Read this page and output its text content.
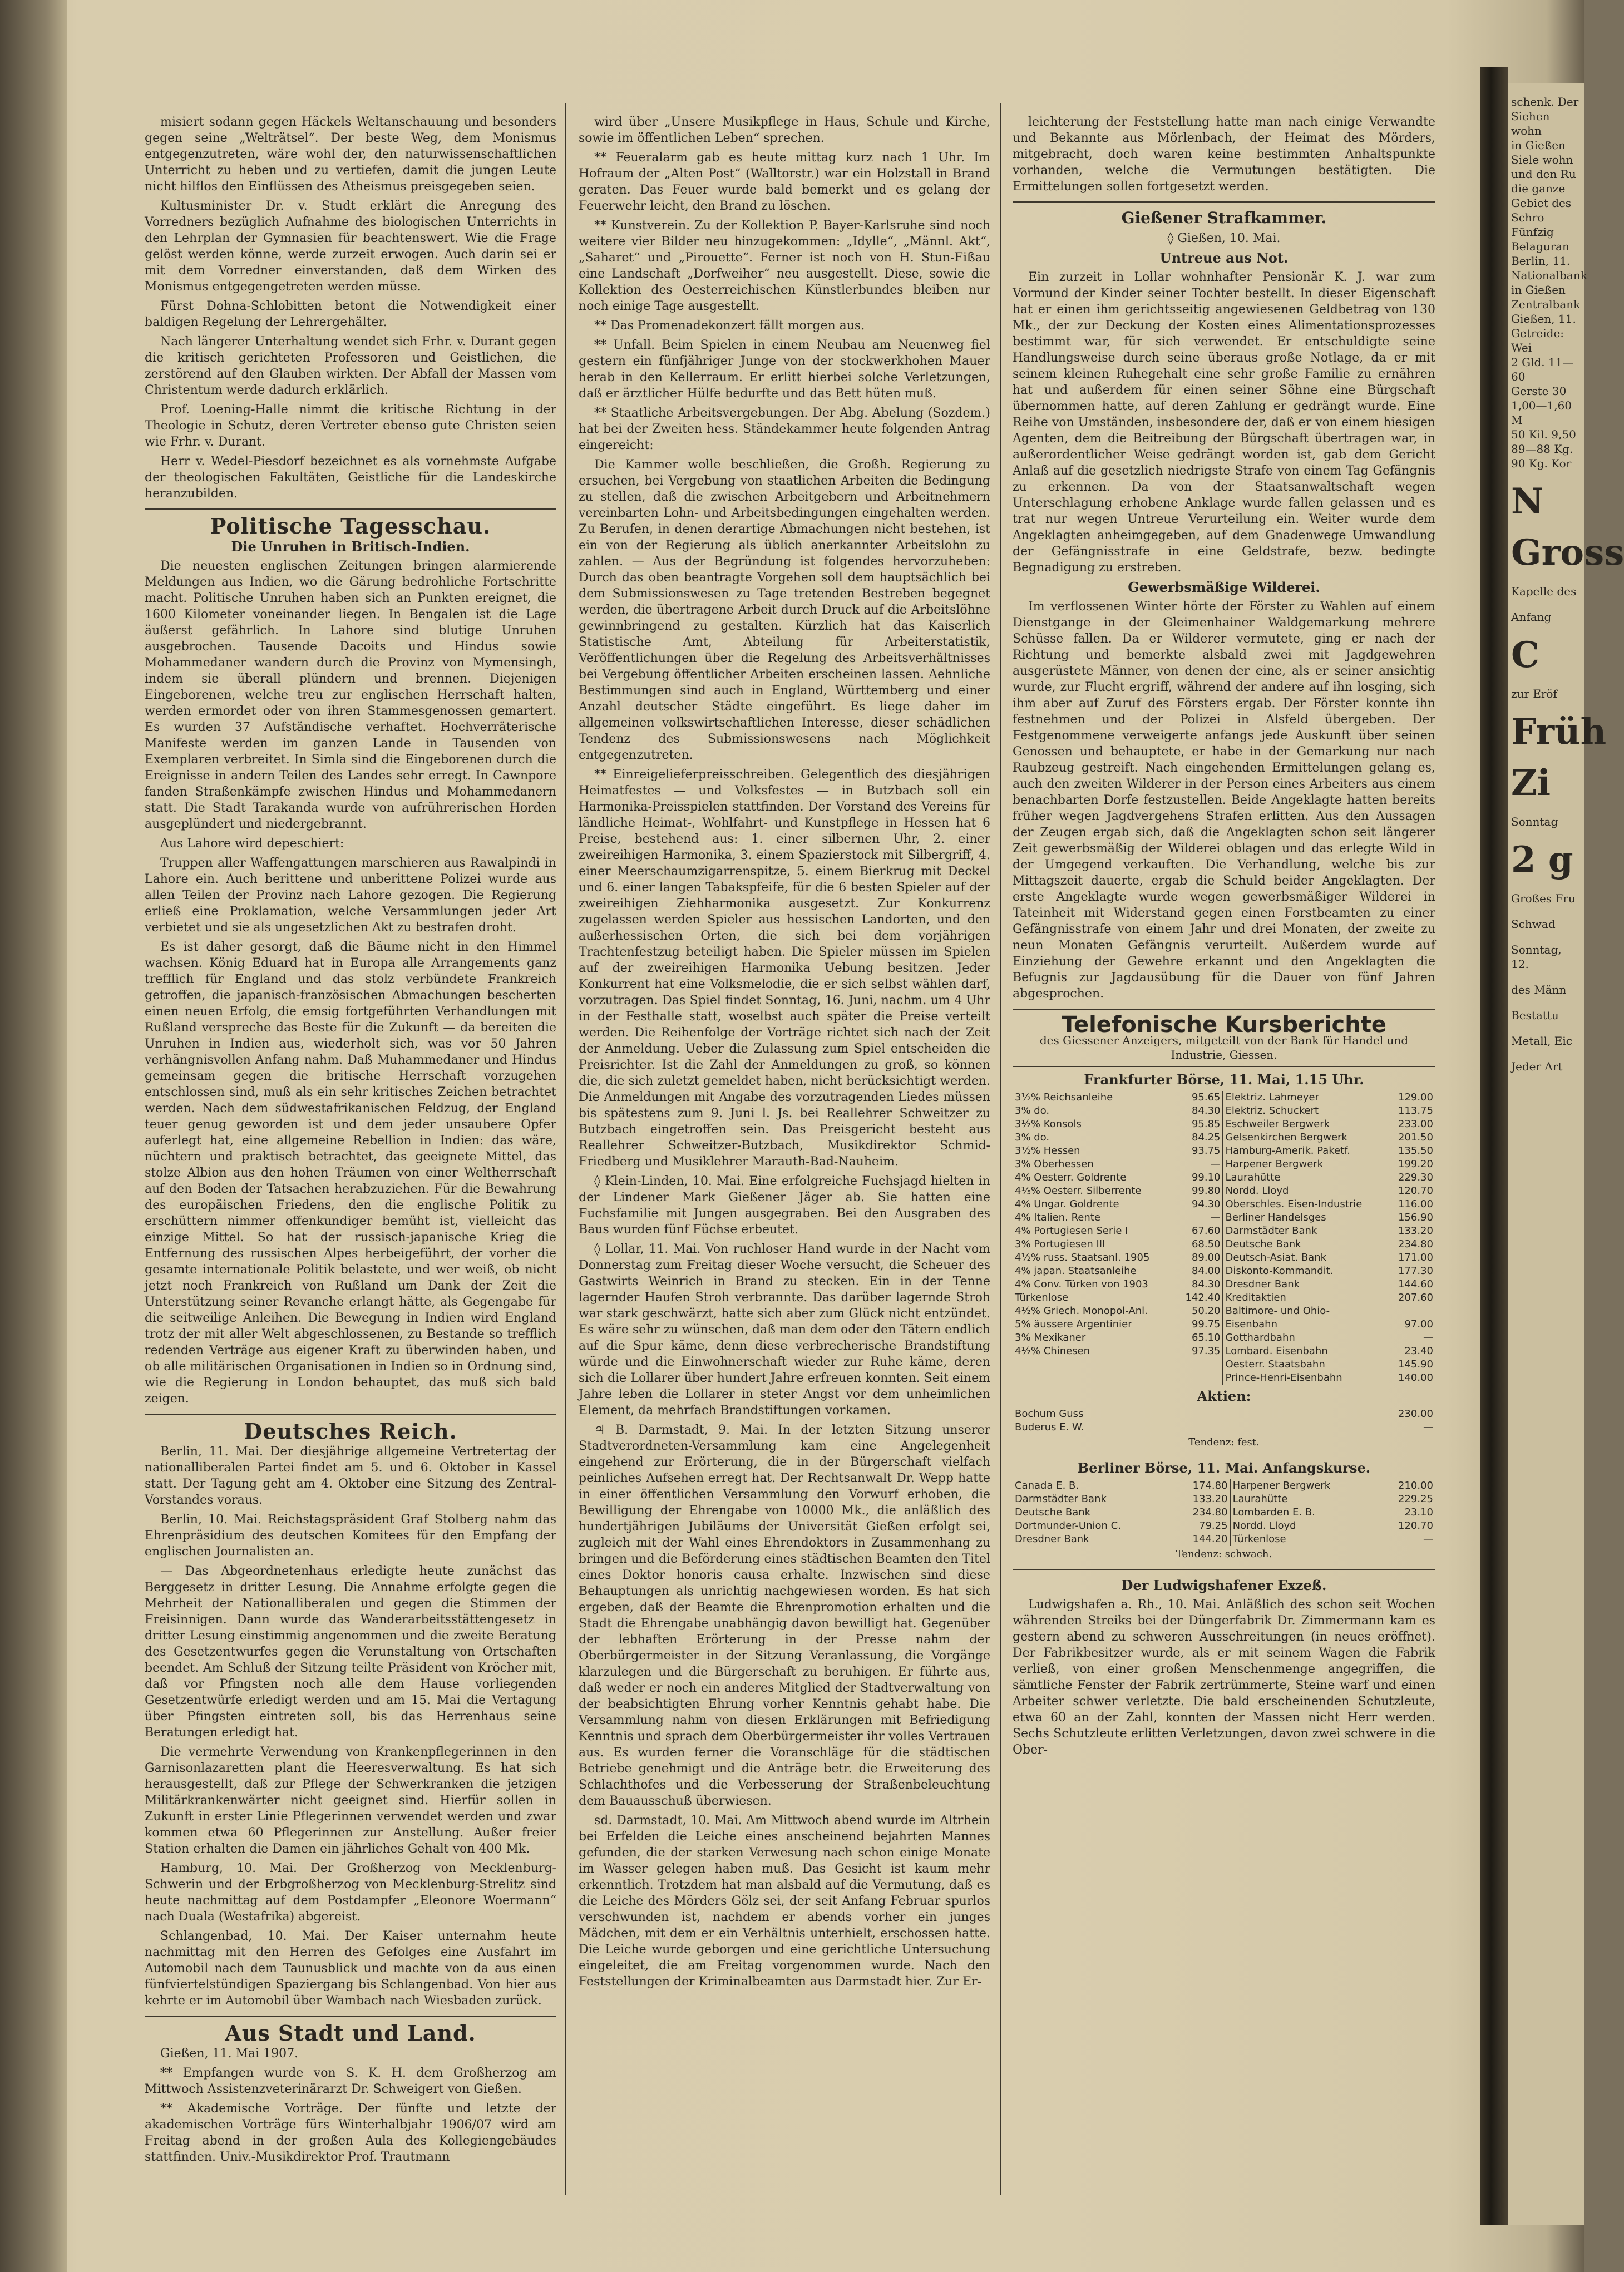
misiert sodann gegen Häckels Weltanschauung und besonders gegen seine „Welträtsel“. Der beste Weg, dem Monismus entgegenzutreten, wäre wohl der, den naturwissenschaftlichen Unterricht zu heben und zu vertiefen, damit die jungen Leute nicht hilflos den Einflüssen des Atheismus preisgegeben seien.

Kultusminister Dr. v. Studt erklärt die Anregung des Vorredners bezüglich Aufnahme des biologischen Unterrichts in den Lehrplan der Gymnasien für beachtenswert. Wie die Frage gelöst werden könne, werde zurzeit erwogen. Auch darin sei er mit dem Vorredner einverstanden, daß dem Wirken des Monismus entgegengetreten werden müsse.

Fürst Dohna-Schlobitten betont die Notwendigkeit einer baldigen Regelung der Lehrergehälter.

Nach längerer Unterhaltung wendet sich Frhr. v. Durant gegen die kritisch gerichteten Professoren und Geistlichen, die zerstörend auf den Glauben wirkten. Der Abfall der Massen vom Christentum werde dadurch erklärlich.

Prof. Loening-Halle nimmt die kritische Richtung in der Theologie in Schutz, deren Vertreter ebenso gute Christen seien wie Frhr. v. Durant.

Herr v. Wedel-Piesdorf bezeichnet es als vornehmste Aufgabe der theologischen Fakultäten, Geistliche für die Landeskirche heranzubilden.

Politische Tagesschau.
Die Unruhen in Britisch-Indien.

Die neuesten englischen Zeitungen bringen alarmierende Meldungen aus Indien, wo die Gärung bedrohliche Fortschritte macht. Politische Unruhen haben sich an Punkten ereignet, die 1600 Kilometer voneinander liegen. In Bengalen ist die Lage äußerst gefährlich. In Lahore sind blutige Unruhen ausgebrochen. Tausende Dacoits und Hindus sowie Mohammedaner wandern durch die Provinz von Mymensingh, indem sie überall plündern und brennen. Diejenigen Eingeborenen, welche treu zur englischen Herrschaft halten, werden ermordet oder von ihren Stammesgenossen gemartert. Es wurden 37 Aufständische verhaftet. Hochverräterische Manifeste werden im ganzen Lande in Tausenden von Exemplaren verbreitet. In Simla sind die Eingeborenen durch die Ereignisse in andern Teilen des Landes sehr erregt. In Cawnpore fanden Straßenkämpfe zwischen Hindus und Mohammedanern statt. Die Stadt Tarakanda wurde von aufrührerischen Horden ausgeplündert und niedergebrannt.

Aus Lahore wird depeschiert:

Truppen aller Waffengattungen marschieren aus Rawalpindi in Lahore ein. Auch berittene und unberittene Polizei wurde aus allen Teilen der Provinz nach Lahore gezogen. Die Regierung erließ eine Proklamation, welche Versammlungen jeder Art verbietet und sie als ungesetzlichen Akt zu bestrafen droht.

Es ist daher gesorgt, daß die Bäume nicht in den Himmel wachsen. König Eduard hat in Europa alle Arrangements ganz trefflich für England und das stolz verbündete Frankreich getroffen, die japanisch-französischen Abmachungen bescherten einen neuen Erfolg, die emsig fortgeführten Verhandlungen mit Rußland verspreche das Beste für die Zukunft — da bereiten die Unruhen in Indien aus, wiederholt sich, was vor 50 Jahren verhängnisvollen Anfang nahm. Daß Muhammedaner und Hindus gemeinsam gegen die britische Herrschaft vorzugehen entschlossen sind, muß als ein sehr kritisches Zeichen betrachtet werden. Nach dem südwestafrikanischen Feldzug, der England teuer genug geworden ist und dem jeder unsaubere Opfer auferlegt hat, eine allgemeine Rebellion in Indien: das wäre, nüchtern und praktisch betrachtet, das geeignete Mittel, das stolze Albion aus den hohen Träumen von einer Weltherrschaft auf den Boden der Tatsachen herabzuziehen. Für die Bewahrung des europäischen Friedens, den die englische Politik zu erschüttern nimmer offenkundiger bemüht ist, vielleicht das einzige Mittel. So hat der russisch-japanische Krieg die Entfernung des russischen Alpes herbeigeführt, der vorher die gesamte internationale Politik belastete, und wer weiß, ob nicht jetzt noch Frankreich von Rußland um Dank der Zeit die Unterstützung seiner Revanche erlangt hätte, als Gegengabe für die seitweilige Anleihen. Die Bewegung in Indien wird England trotz der mit aller Welt abgeschlossenen, zu Bestande so trefflich redenden Verträge aus eigener Kraft zu überwinden haben, und ob alle militärischen Organisationen in Indien so in Ordnung sind, wie die Regierung in London behauptet, das muß sich bald zeigen.

Deutsches Reich.

Berlin, 11. Mai. Der diesjährige allgemeine Vertretertag der nationalliberalen Partei findet am 5. und 6. Oktober in Kassel statt. Der Tagung geht am 4. Oktober eine Sitzung des Zentral-Vorstandes voraus.

Berlin, 10. Mai. Reichstagspräsident Graf Stolberg nahm das Ehrenpräsidium des deutschen Komitees für den Empfang der englischen Journalisten an.

— Das Abgeordnetenhaus erledigte heute zunächst das Berggesetz in dritter Lesung. Die Annahme erfolgte gegen die Mehrheit der Nationalliberalen und gegen die Stimmen der Freisinnigen. Dann wurde das Wanderarbeitsstättengesetz in dritter Lesung einstimmig angenommen und die zweite Beratung des Gesetzentwurfes gegen die Verunstaltung von Ortschaften beendet. Am Schluß der Sitzung teilte Präsident von Kröcher mit, daß vor Pfingsten noch alle dem Hause vorliegenden Gesetzentwürfe erledigt werden und am 15. Mai die Vertagung über Pfingsten eintreten soll, bis das Herrenhaus seine Beratungen erledigt hat.

Die vermehrte Verwendung von Krankenpflegerinnen in den Garnisonlazaretten plant die Heeresverwaltung. Es hat sich herausgestellt, daß zur Pflege der Schwerkranken die jetzigen Militärkrankenwärter nicht geeignet sind. Hierfür sollen in Zukunft in erster Linie Pflegerinnen verwendet werden und zwar kommen etwa 60 Pflegerinnen zur Anstellung. Außer freier Station erhalten die Damen ein jährliches Gehalt von 400 Mk.

Hamburg, 10. Mai. Der Großherzog von Mecklenburg-Schwerin und der Erbgroßherzog von Mecklenburg-Strelitz sind heute nachmittag auf dem Postdampfer „Eleonore Woermann“ nach Duala (Westafrika) abgereist.

Schlangenbad, 10. Mai. Der Kaiser unternahm heute nachmittag mit den Herren des Gefolges eine Ausfahrt im Automobil nach dem Taunusblick und machte von da aus einen fünfviertelstündigen Spaziergang bis Schlangenbad. Von hier aus kehrte er im Automobil über Wambach nach Wiesbaden zurück.

Aus Stadt und Land.

Gießen, 11. Mai 1907.

** Empfangen wurde von S. K. H. dem Großherzog am Mittwoch Assistenzveterinärarzt Dr. Schweigert von Gießen.

** Akademische Vorträge. Der fünfte und letzte der akademischen Vorträge fürs Winterhalbjahr 1906/07 wird am Freitag abend in der großen Aula des Kollegiengebäudes stattfinden. Univ.-Musikdirektor Prof. Trautmann

wird über „Unsere Musikpflege in Haus, Schule und Kirche, sowie im öffentlichen Leben“ sprechen.

** Feueralarm gab es heute mittag kurz nach 1 Uhr. Im Hofraum der „Alten Post“ (Walltorstr.) war ein Holzstall in Brand geraten. Das Feuer wurde bald bemerkt und es gelang der Feuerwehr leicht, den Brand zu löschen.

** Kunstverein. Zu der Kollektion P. Bayer-Karlsruhe sind noch weitere vier Bilder neu hinzugekommen: „Idylle“, „Männl. Akt“, „Saharet“ und „Pirouette“. Ferner ist noch von H. Stun-Fißau eine Landschaft „Dorfweiher“ neu ausgestellt. Diese, sowie die Kollektion des Oesterreichischen Künstlerbundes bleiben nur noch einige Tage ausgestellt.

** Das Promenadekonzert fällt morgen aus.

** Unfall. Beim Spielen in einem Neubau am Neuenweg fiel gestern ein fünfjähriger Junge von der stockwerkhohen Mauer herab in den Kellerraum. Er erlitt hierbei solche Verletzungen, daß er ärztlicher Hülfe bedurfte und das Bett hüten muß.

** Staatliche Arbeitsvergebungen. Der Abg. Abelung (Sozdem.) hat bei der Zweiten hess. Ständekammer heute folgenden Antrag eingereicht:

Die Kammer wolle beschließen, die Großh. Regierung zu ersuchen, bei Vergebung von staatlichen Arbeiten die Bedingung zu stellen, daß die zwischen Arbeitgebern und Arbeitnehmern vereinbarten Lohn- und Arbeitsbedingungen eingehalten werden. Zu Berufen, in denen derartige Abmachungen nicht bestehen, ist ein von der Regierung als üblich anerkannter Arbeitslohn zu zahlen. — Aus der Begründung ist folgendes hervorzuheben: Durch das oben beantragte Vorgehen soll dem hauptsächlich bei dem Submissionswesen zu Tage tretenden Bestreben begegnet werden, die übertragene Arbeit durch Druck auf die Arbeitslöhne gewinnbringend zu gestalten. Kürzlich hat das Kaiserlich Statistische Amt, Abteilung für Arbeiterstatistik, Veröffentlichungen über die Regelung des Arbeitsverhältnisses bei Vergebung öffentlicher Arbeiten erscheinen lassen. Aehnliche Bestimmungen sind auch in England, Württemberg und einer Anzahl deutscher Städte eingeführt. Es liege daher im allgemeinen volkswirtschaftlichen Interesse, dieser schädlichen Tendenz des Submissionswesens nach Möglichkeit entgegenzutreten.

** Einreigelieferpreisschreiben. Gelegentlich des diesjährigen Heimatfestes — und Volksfestes — in Butzbach soll ein Harmonika-Preisspielen stattfinden. Der Vorstand des Vereins für ländliche Heimat-, Wohlfahrt- und Kunstpflege in Hessen hat 6 Preise, bestehend aus: 1. einer silbernen Uhr, 2. einer zweireihigen Harmonika, 3. einem Spazierstock mit Silbergriff, 4. einer Meerschaumzigarrenspitze, 5. einem Bierkrug mit Deckel und 6. einer langen Tabakspfeife, für die 6 besten Spieler auf der zweireihigen Ziehharmonika ausgesetzt. Zur Konkurrenz zugelassen werden Spieler aus hessischen Landorten, und den außerhessischen Orten, die sich bei dem vorjährigen Trachtenfestzug beteiligt haben. Die Spieler müssen im Spielen auf der zweireihigen Harmonika Uebung besitzen. Jeder Konkurrent hat eine Volksmelodie, die er sich selbst wählen darf, vorzutragen. Das Spiel findet Sonntag, 16. Juni, nachm. um 4 Uhr in der Festhalle statt, woselbst auch später die Preise verteilt werden. Die Reihenfolge der Vorträge richtet sich nach der Zeit der Anmeldung. Ueber die Zulassung zum Spiel entscheiden die Preisrichter. Ist die Zahl der Anmeldungen zu groß, so können die, die sich zuletzt gemeldet haben, nicht berücksichtigt werden. Die Anmeldungen mit Angabe des vorzutragenden Liedes müssen bis spätestens zum 9. Juni l. Js. bei Reallehrer Schweitzer zu Butzbach eingetroffen sein. Das Preisgericht besteht aus Reallehrer Schweitzer-Butzbach, Musikdirektor Schmid-Friedberg und Musiklehrer Marauth-Bad-Nauheim.

◊ Klein-Linden, 10. Mai. Eine erfolgreiche Fuchsjagd hielten in der Lindener Mark Gießener Jäger ab. Sie hatten eine Fuchsfamilie mit Jungen ausgegraben. Bei den Ausgraben des Baus wurden fünf Füchse erbeutet.

◊ Lollar, 11. Mai. Von ruchloser Hand wurde in der Nacht vom Donnerstag zum Freitag dieser Woche versucht, die Scheuer des Gastwirts Weinrich in Brand zu stecken. Ein in der Tenne lagernder Haufen Stroh verbrannte. Das darüber lagernde Stroh war stark geschwärzt, hatte sich aber zum Glück nicht entzündet. Es wäre sehr zu wünschen, daß man dem oder den Tätern endlich auf die Spur käme, denn diese verbrecherische Brandstiftung würde und die Einwohnerschaft wieder zur Ruhe käme, deren sich die Lollarer über hundert Jahre erfreuen konnten. Seit einem Jahre leben die Lollarer in steter Angst vor dem unheimlichen Element, da mehrfach Brandstiftungen vorkamen.

♃ B. Darmstadt, 9. Mai. In der letzten Sitzung unserer Stadtverordneten-Versammlung kam eine Angelegenheit eingehend zur Erörterung, die in der Bürgerschaft vielfach peinliches Aufsehen erregt hat. Der Rechtsanwalt Dr. Wepp hatte in einer öffentlichen Versammlung den Vorwurf erhoben, die Bewilligung der Ehrengabe von 10000 Mk., die anläßlich des hundertjährigen Jubiläums der Universität Gießen erfolgt sei, zugleich mit der Wahl eines Ehrendoktors in Zusammenhang zu bringen und die Beförderung eines städtischen Beamten den Titel eines Doktor honoris causa erhalte. Inzwischen sind diese Behauptungen als unrichtig nachgewiesen worden. Es hat sich ergeben, daß der Beamte die Ehrenpromotion erhalten und die Stadt die Ehrengabe unabhängig davon bewilligt hat. Gegenüber der lebhaften Erörterung in der Presse nahm der Oberbürgermeister in der Sitzung Veranlassung, die Vorgänge klarzulegen und die Bürgerschaft zu beruhigen. Er führte aus, daß weder er noch ein anderes Mitglied der Stadtverwaltung von der beabsichtigten Ehrung vorher Kenntnis gehabt habe. Die Versammlung nahm von diesen Erklärungen mit Befriedigung Kenntnis und sprach dem Oberbürgermeister ihr volles Vertrauen aus. Es wurden ferner die Voranschläge für die städtischen Betriebe genehmigt und die Anträge betr. die Erweiterung des Schlachthofes und die Verbesserung der Straßenbeleuchtung dem Bauausschuß überwiesen.

sd. Darmstadt, 10. Mai. Am Mittwoch abend wurde im Altrhein bei Erfelden die Leiche eines anscheinend bejahrten Mannes gefunden, die der starken Verwesung nach schon einige Monate im Wasser gelegen haben muß. Das Gesicht ist kaum mehr erkenntlich. Trotzdem hat man alsbald auf die Vermutung, daß es die Leiche des Mörders Gölz sei, der seit Anfang Februar spurlos verschwunden ist, nachdem er abends vorher ein junges Mädchen, mit dem er ein Verhältnis unterhielt, erschossen hatte. Die Leiche wurde geborgen und eine gerichtliche Untersuchung eingeleitet, die am Freitag vorgenommen wurde. Nach den Feststellungen der Kriminalbeamten aus Darmstadt hier. Zur Er-

leichterung der Feststellung hatte man nach einige Verwandte und Bekannte aus Mörlenbach, der Heimat des Mörders, mitgebracht, doch waren keine bestimmten Anhaltspunkte vorhanden, welche die Vermutungen bestätigten. Die Ermittelungen sollen fortgesetzt werden.

Gießener Strafkammer.

◊ Gießen, 10. Mai.

Untreue aus Not.

Ein zurzeit in Lollar wohnhafter Pensionär K. J. war zum Vormund der Kinder seiner Tochter bestellt. In dieser Eigenschaft hat er einen ihm gerichtsseitig angewiesenen Geldbetrag von 130 Mk., der zur Deckung der Kosten eines Alimentationsprozesses bestimmt war, für sich verwendet. Er entschuldigte seine Handlungsweise durch seine überaus große Notlage, da er mit seinem kleinen Ruhegehalt eine sehr große Familie zu ernähren hat und außerdem für einen seiner Söhne eine Bürgschaft übernommen hatte, auf deren Zahlung er gedrängt wurde. Eine Reihe von Umständen, insbesondere der, daß er von einem hiesigen Agenten, dem die Beitreibung der Bürgschaft übertragen war, in außerordentlicher Weise gedrängt worden ist, gab dem Gericht Anlaß auf die gesetzlich niedrigste Strafe von einem Tag Gefängnis zu erkennen. Da von der Staatsanwaltschaft wegen Unterschlagung erhobene Anklage wurde fallen gelassen und es trat nur wegen Untreue Verurteilung ein. Weiter wurde dem Angeklagten anheimgegeben, auf dem Gnadenwege Umwandlung der Gefängnisstrafe in eine Geldstrafe, bezw. bedingte Begnadigung zu erstreben.

Gewerbsmäßige Wilderei.

Im verflossenen Winter hörte der Förster zu Wahlen auf einem Dienstgange in der Gleimenhainer Waldgemarkung mehrere Schüsse fallen. Da er Wilderer vermutete, ging er nach der Richtung und bemerkte alsbald zwei mit Jagdgewehren ausgerüstete Männer, von denen der eine, als er seiner ansichtig wurde, zur Flucht ergriff, während der andere auf ihn losging, sich ihm aber auf Zuruf des Försters ergab. Der Förster konnte ihn festnehmen und der Polizei in Alsfeld übergeben. Der Festgenommene verweigerte anfangs jede Auskunft über seinen Genossen und behauptete, er habe in der Gemarkung nur nach Raubzeug gestreift. Nach eingehenden Ermittelungen gelang es, auch den zweiten Wilderer in der Person eines Arbeiters aus einem benachbarten Dorfe festzustellen. Beide Angeklagte hatten bereits früher wegen Jagdvergehens Strafen erlitten. Aus den Aussagen der Zeugen ergab sich, daß die Angeklagten schon seit längerer Zeit gewerbsmäßig der Wilderei oblagen und das erlegte Wild in der Umgegend verkauften. Die Verhandlung, welche bis zur Mittagszeit dauerte, ergab die Schuld beider Angeklagten. Der erste Angeklagte wurde wegen gewerbsmäßiger Wilderei in Tateinheit mit Widerstand gegen einen Forstbeamten zu einer Gefängnisstrafe von einem Jahr und drei Monaten, der zweite zu neun Monaten Gefängnis verurteilt. Außerdem wurde auf Einziehung der Gewehre erkannt und den Angeklagten die Befugnis zur Jagdausübung für die Dauer von fünf Jahren abgesprochen.

Telefonische Kursberichte
des Giessener Anzeigers, mitgeteilt von der Bank für Handel und Industrie, Giessen.
Frankfurter Börse, 11. Mai, 1.15 Uhr.
3½% Reichsanleihe	95.65	Elektriz. Lahmeyer	129.00
3% do.	84.30	Elektriz. Schuckert	113.75
3½% Konsols	95.85	Eschweiler Bergwerk	233.00
3% do.	84.25	Gelsenkirchen Bergwerk	201.50
3½% Hessen	93.75	Hamburg-Amerik. Paketf.	135.50
3% Oberhessen	—	Harpener Bergwerk	199.20
4% Oesterr. Goldrente	99.10	Laurahütte	229.30
4⅕% Oesterr. Silberrente	99.80	Nordd. Lloyd	120.70
4% Ungar. Goldrente	94.30	Oberschles. Eisen-Industrie	116.00
4% Italien. Rente	—	Berliner Handelsges	156.90
4% Portugiesen Serie I	67.60	Darmstädter Bank	133.20
3% Portugiesen III	68.50	Deutsche Bank	234.80
4½% russ. Staatsanl. 1905	89.00	Deutsch-Asiat. Bank	171.00
4% japan. Staatsanleihe	84.00	Diskonto-Kommandit.	177.30
4% Conv. Türken von 1903	84.30	Dresdner Bank	144.60
Türkenlose	142.40	Kreditaktien	207.60
4½% Griech. Monopol-Anl.	50.20	Baltimore- und Ohio-	
5% äussere Argentinier	99.75	Eisenbahn	97.00
3% Mexikaner	65.10	Gotthardbahn	—
4½% Chinesen	97.35	Lombard. Eisenbahn	23.40
		Oesterr. Staatsbahn	145.90
		Prince-Henri-Eisenbahn	140.00
Aktien:
Bochum Guss	230.00
Buderus E. W.	—
Tendenz: fest.
Berliner Börse, 11. Mai. Anfangskurse.
Canada E. B.	174.80	Harpener Bergwerk	210.00
Darmstädter Bank	133.20	Laurahütte	229.25
Deutsche Bank	234.80	Lombarden E. B.	23.10
Dortmunder-Union C.	79.25	Nordd. Lloyd	120.70
Dresdner Bank	144.20	Türkenlose	—
Tendenz: schwach.
Der Ludwigshafener Exzeß.

Ludwigshafen a. Rh., 10. Mai. Anläßlich des schon seit Wochen währenden Streiks bei der Düngerfabrik Dr. Zimmermann kam es gestern abend zu schweren Ausschreitungen (in neues eröffnet). Der Fabrikbesitzer wurde, als er mit seinem Wagen die Fabrik verließ, von einer großen Menschenmenge angegriffen, die sämtliche Fenster der Fabrik zertrümmerte, Steine warf und einen Arbeiter schwer verletzte. Die bald erscheinenden Schutzleute, etwa 60 an der Zahl, konnten der Massen nicht Herr werden. Sechs Schutzleute erlitten Verletzungen, davon zwei schwere in die Ober-

schenk. Der
Siehen wohn
in Gießen
Siele wohn
und den Ru
die ganze
Gebiet des
Schro
Fünfzig
Belaguran
Berlin, 11.
Nationalbank
in Gießen
Zentralbank
Gießen, 11.
Getreide: Wei
2 Gld. 11—60
Gerste 30
1,00—1,60 M
50 Kil. 9,50
89—88 Kg.
90 Kg. Kor
N
Gross
Kapelle des
Anfang
C
zur Eröf
Früh
Zi
Sonntag
2 g
Großes Fru
Schwad
Sonntag, 12.
des Männ
Bestattu
Metall, Eic
Jeder Art
